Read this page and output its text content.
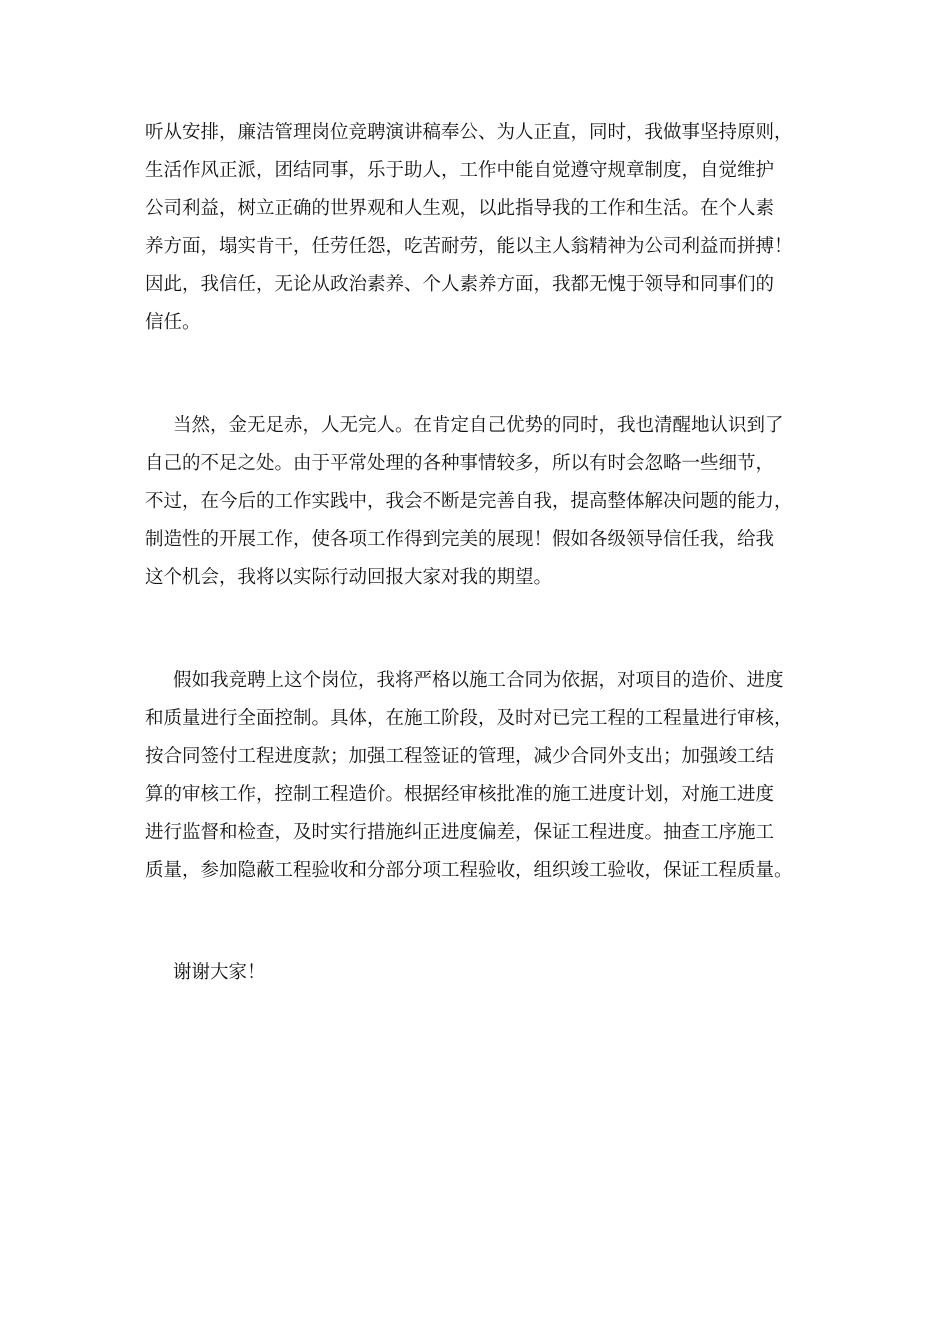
听从安排，廉洁管理岗位竞聘演讲稿奉公、为人正直，同时，我做事坚持原则，

生活作风正派，团结同事，乐于助人，工作中能自觉遵守规章制度，自觉维护

公司利益，树立正确的世界观和人生观，以此指导我的工作和生活。在个人素

养方面，塌实肯干，任劳任怨，吃苦耐劳，能以主人翁精神为公司利益而拼搏！

因此，我信任，无论从政治素养、个人素养方面，我都无愧于领导和同事们的

信任。

当然，金无足赤，人无完人。在肯定自己优势的同时，我也清醒地认识到了

自己的不足之处。由于平常处理的各种事情较多，所以有时会忽略一些细节，

不过，在今后的工作实践中，我会不断是完善自我，提高整体解决问题的能力，

制造性的开展工作，使各项工作得到完美的展现！假如各级领导信任我，给我

这个机会，我将以实际行动回报大家对我的期望。

假如我竞聘上这个岗位，我将严格以施工合同为依据，对项目的造价、进度

和质量进行全面控制。具体，在施工阶段，及时对已完工程的工程量进行审核，

按合同签付工程进度款；加强工程签证的管理，减少合同外支出；加强竣工结

算的审核工作，控制工程造价。根据经审核批准的施工进度计划，对施工进度

进行监督和检查，及时实行措施纠正进度偏差，保证工程进度。抽查工序施工

质量，参加隐蔽工程验收和分部分项工程验收，组织竣工验收，保证工程质量。

谢谢大家！
